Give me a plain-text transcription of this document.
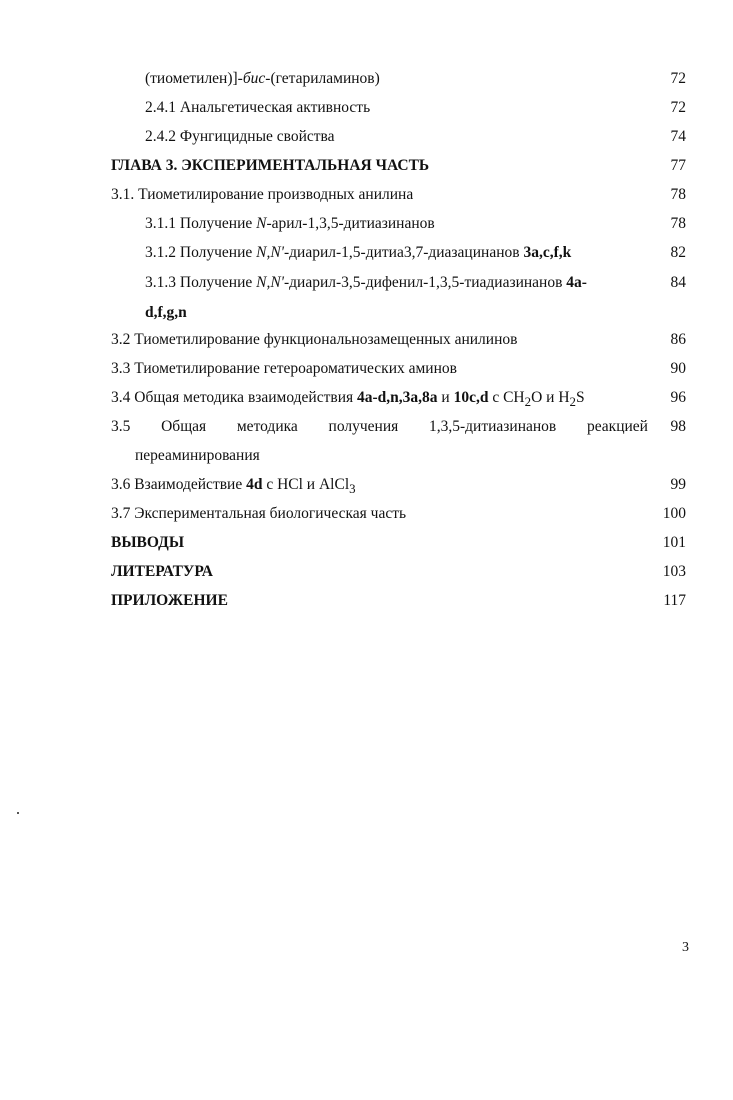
(тиометилен)]-бис-(гетариламинов)	72
2.4.1 Анальгетическая активность	72
2.4.2 Фунгицидные свойства	74
ГЛАВА 3. ЭКСПЕРИМЕНТАЛЬНАЯ ЧАСТЬ	77
3.1. Тиометилирование производных анилина	78
3.1.1 Получение N-арил-1,3,5-дитиазинанов	78
3.1.2 Получение N,N'-диарил-1,5-дитиа3,7-диазацинанов 3a,c,f,k	82
3.1.3 Получение N,N'-диарил-3,5-дифенил-1,3,5-тиадиазинанов 4a-	84
d,f,g,n
3.2 Тиометилирование функциональнозамещенных анилинов	86
3.3 Тиометилирование гетероароматических аминов	90
3.4 Общая методика взаимодействия 4a-d,n,3a,8a и 10c,d с $CH_2O$ и $H_2S$	96
3.5 Общая методика получения 1,3,5-дитиазинанов реакцией 98
переаминирования
3.6 Взаимодействие 4d с HCl и AlCl$_3$	99
3.7 Экспериментальная биологическая часть	100
ВЫВОДЫ	101
ЛИТЕРАТУРА	103
ПРИЛОЖЕНИЕ	117
3
